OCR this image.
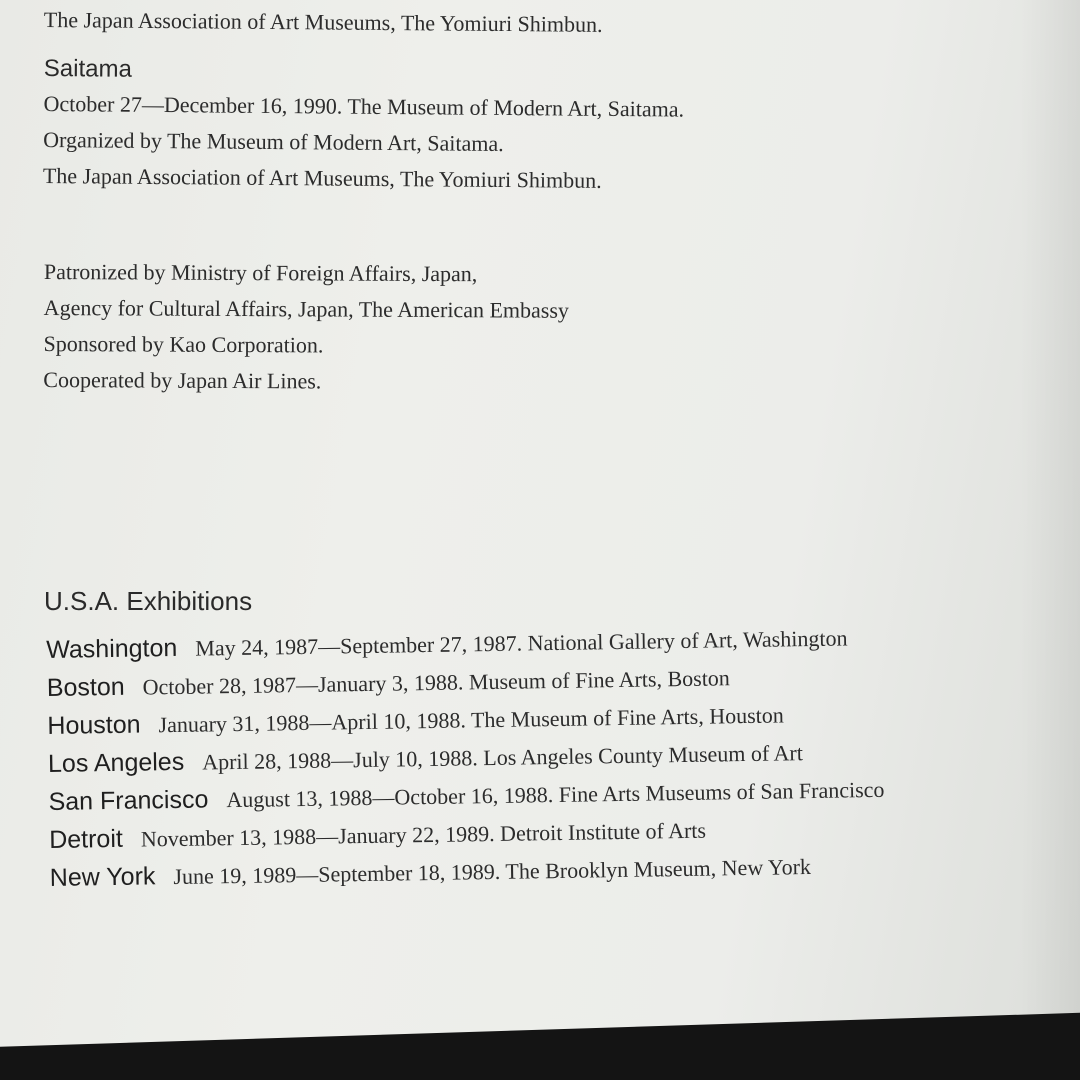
The Japan Association of Art Museums, The Yomiuri Shimbun.
Saitama
October 27—December 16, 1990. The Museum of Modern Art, Saitama.
Organized by The Museum of Modern Art, Saitama.
The Japan Association of Art Museums, The Yomiuri Shimbun.
Patronized by Ministry of Foreign Affairs, Japan,
Agency for Cultural Affairs, Japan, The American Embassy
Sponsored by Kao Corporation.
Cooperated by Japan Air Lines.
U.S.A. Exhibitions
Washington May 24, 1987—September 27, 1987. National Gallery of Art, Washington
Boston October 28, 1987—January 3, 1988. Museum of Fine Arts, Boston
Houston January 31, 1988—April 10, 1988. The Museum of Fine Arts, Houston
Los Angeles April 28, 1988—July 10, 1988. Los Angeles County Museum of Art
San Francisco August 13, 1988—October 16, 1988. Fine Arts Museums of San Francisco
Detroit November 13, 1988—January 22, 1989. Detroit Institute of Arts
New York June 19, 1989—September 18, 1989. The Brooklyn Museum, New York
